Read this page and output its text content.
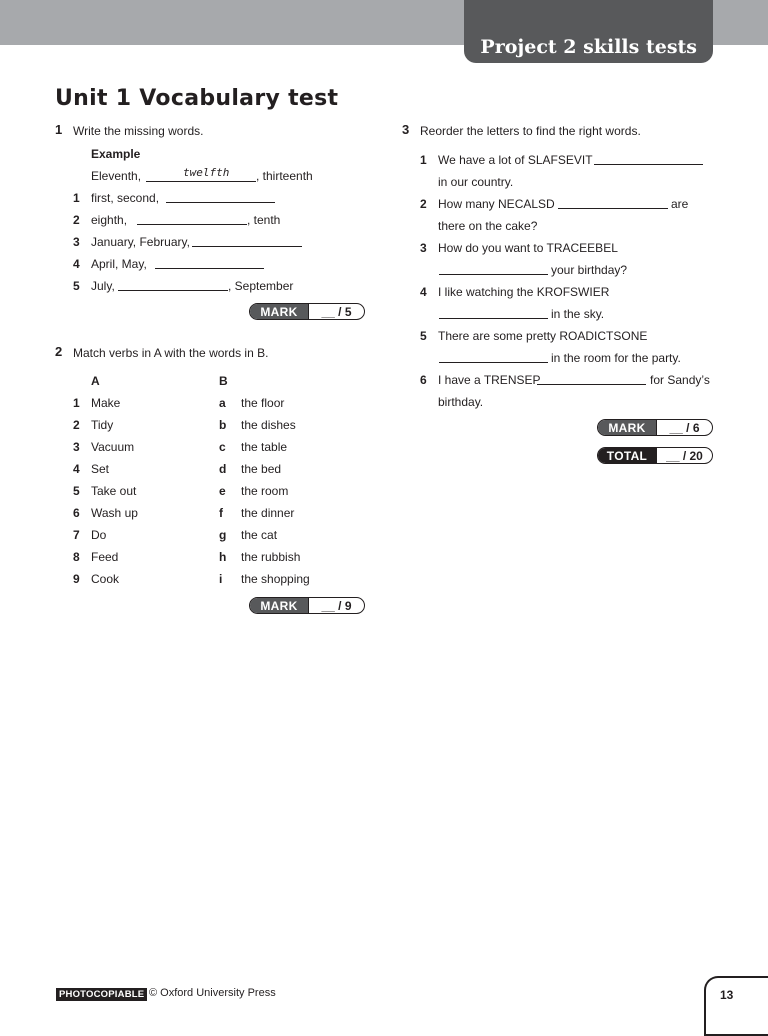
Project 2 skills tests
Unit 1 Vocabulary test
1 Write the missing words.
Example
Eleventh,	twelfth , thirteenth
1 first, second,
2 eighth,	, tenth
3 January, February,
4 April, May,
5 July,	, September
MARK	__ / 5
2 Match verbs in A with the words in B.
A	B
1 Make	a the floor
2 Tidy	b the dishes
3 Vacuum	c the table
4 Set	d the bed
5 Take out	e the room
6 Wash up	f the dinner
7 Do	g the cat
8 Feed	h the rubbish
9 Cook	i the shopping
MARK	__ / 9
3 Reorder the letters to find the right words.
1 We have a lot of SLAFSEVIT
in our country.
2 How many NECALSD	are
there on the cake?
3 How do you want to TRACEEBEL
your birthday?
4 I like watching the KROFSWIER
in the sky.
5 There are some pretty ROADICTSONE
in the room for the party.
6 I have a TRENSEP	for Sandy’s
birthday.
MARK	__ / 6
TOTAL	__ / 20
PHOTOCOPIABLE © Oxford University Press	13
